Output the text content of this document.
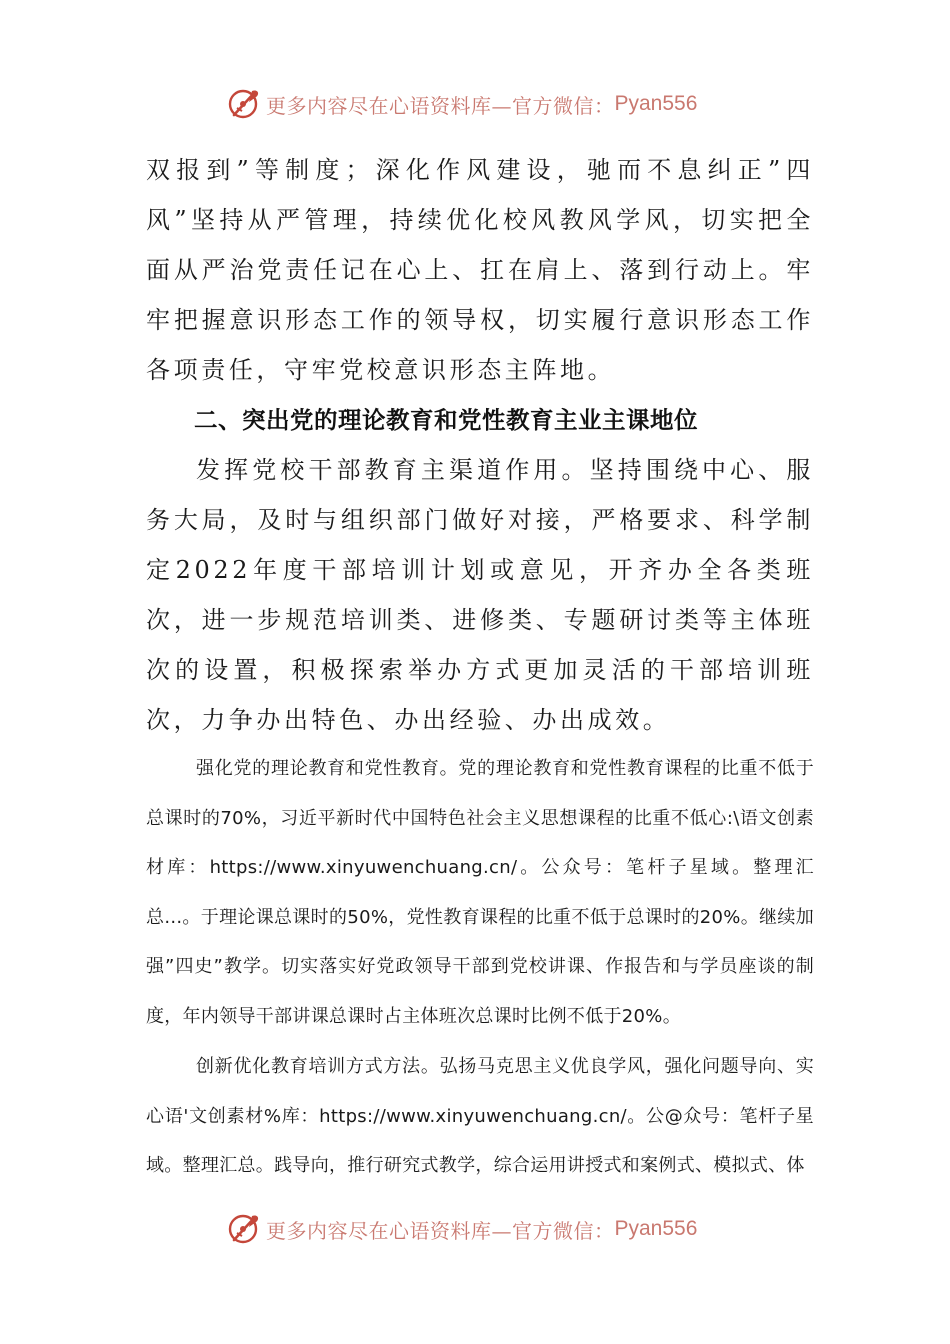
更多内容尽在心语资料库—官方微信： Pyan556

双报到”等制度；深化作风建设，驰而不息纠正”四风”坚持从严管理，持续优化校风教风学风，切实把全面从严治党责任记在心上、扛在肩上、落到行动上。牢牢把握意识形态工作的领导权，切实履行意识形态工作各项责任，守牢党校意识形态主阵地。

二、突出党的理论教育和党性教育主业主课地位

发挥党校干部教育主渠道作用。坚持围绕中心、服务大局，及时与组织部门做好对接，严格要求、科学制定2022年度干部培训计划或意见，开齐办全各类班次，进一步规范培训类、进修类、专题研讨类等主体班次的设置，积极探索举办方式更加灵活的干部培训班次，力争办出特色、办出经验、办出成效。

强化党的理论教育和党性教育。党的理论教育和党性教育课程的比重不低于总课时的70%，习近平新时代中国特色社会主义思想课程的比重不低心:\语文创素材库：https://www.xinyuwenchuang.cn/。公众号：笔杆子星域。整理汇总...。于理论课总课时的50%，党性教育课程的比重不低于总课时的20%。继续加强”四史”教学。切实落实好党政领导干部到党校讲课、作报告和与学员座谈的制度，年内领导干部讲课总课时占主体班次总课时比例不低于20%。

创新优化教育培训方式方法。弘扬马克思主义优良学风，强化问题导向、实心语'文创素材%库：https://www.xinyuwenchuang.cn/。公@众号：笔杆子星域。整理汇总。践导向，推行研究式教学，综合运用讲授式和案例式、模拟式、体

更多内容尽在心语资料库—官方微信： Pyan556
